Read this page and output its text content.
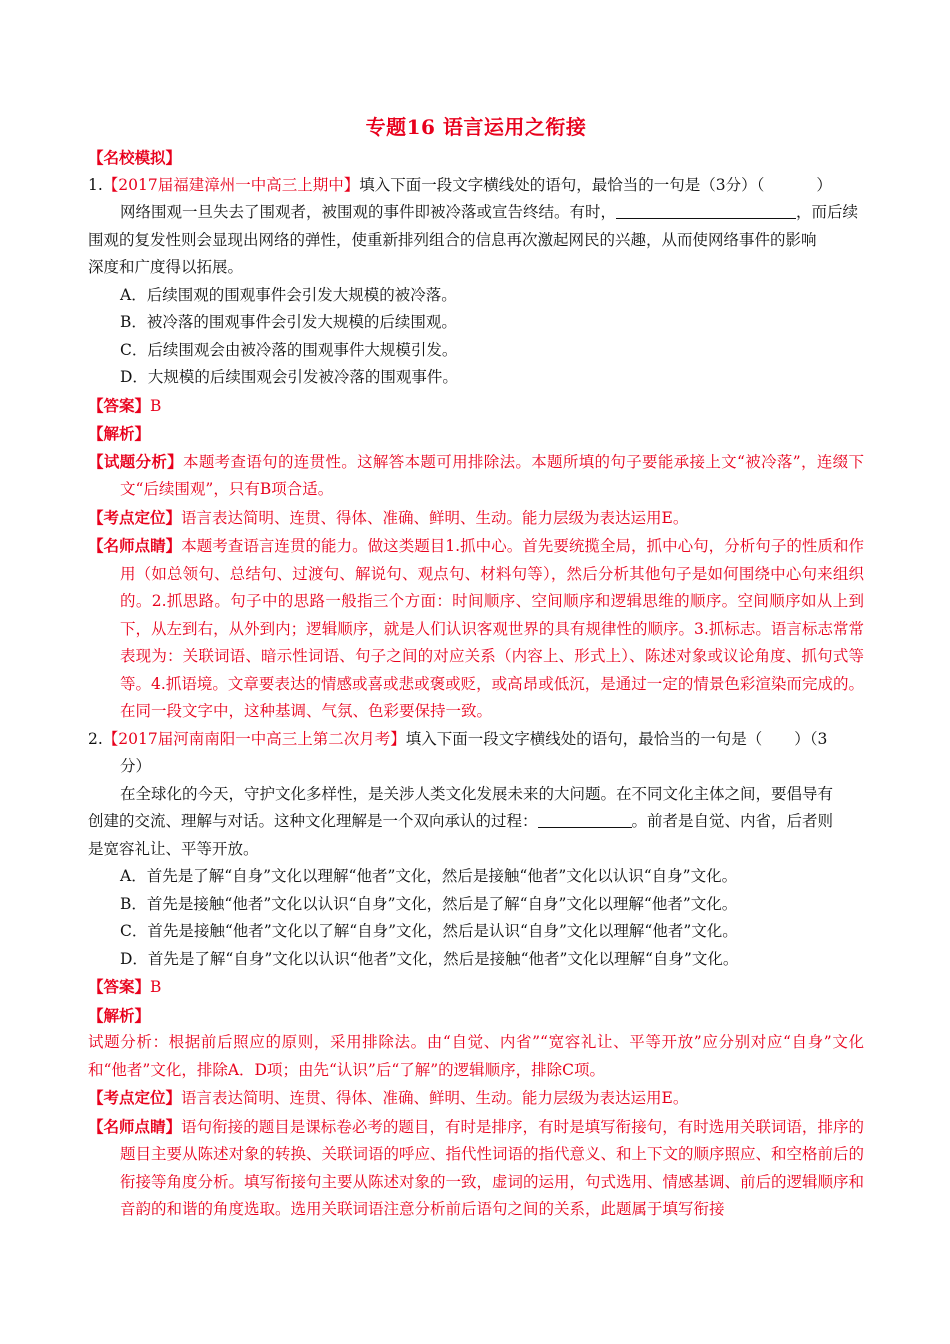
专题16 语言运用之衔接
【名校模拟】
1.【2017届福建漳州一中高三上期中】填入下面一段文字横线处的语句，最恰当的一句是（3分）（	）
网络围观一旦失去了围观者，被围观的事件即被冷落或宣告终结。有时，	，而后续
围观的复发性则会显现出网络的弹性，使重新排列组合的信息再次激起网民的兴趣，从而使网络事件的影响
深度和广度得以拓展。
A．后续围观的围观事件会引发大规模的被冷落。
B．被冷落的围观事件会引发大规模的后续围观。
C．后续围观会由被冷落的围观事件大规模引发。
D．大规模的后续围观会引发被冷落的围观事件。
【答案】B
【解析】
【试题分析】本题考查语句的连贯性。这解答本题可用排除法。本题所填的句子要能承接上文“被冷落”，连缀下文“后续围观”，只有B项合适。
【考点定位】语言表达简明、连贯、得体、准确、鲜明、生动。能力层级为表达运用E。
【名师点睛】本题考查语言连贯的能力。做这类题目1.抓中心。首先要统揽全局，抓中心句，分析句子的性质和作用（如总领句、总结句、过渡句、解说句、观点句、材料句等），然后分析其他句子是如何围绕中心句来组织的。2.抓思路。句子中的思路一般指三个方面：时间顺序、空间顺序和逻辑思维的顺序。空间顺序如从上到下，从左到右，从外到内；逻辑顺序，就是人们认识客观世界的具有规律性的顺序。3.抓标志。语言标志常常表现为：关联词语、暗示性词语、句子之间的对应关系（内容上、形式上）、陈述对象或议论角度、抓句式等等。4.抓语境。文章要表达的情感或喜或悲或褒或贬，或高昂或低沉，是通过一定的情景色彩渲染而完成的。在同一段文字中，这种基调、气氛、色彩要保持一致。
2.【2017届河南南阳一中高三上第二次月考】填入下面一段文字横线处的语句，最恰当的一句是（ ）（3
分）
在全球化的今天，守护文化多样性，是关涉人类文化发展未来的大问题。在不同文化主体之间，要倡导有
创建的交流、理解与对话。这种文化理解是一个双向承认的过程：	。前者是自觉、内省，后者则
是宽容礼让、平等开放。
A．首先是了解“自身”文化以理解“他者”文化，然后是接触“他者”文化以认识“自身”文化。
B．首先是接触“他者”文化以认识“自身”文化，然后是了解“自身”文化以理解“他者”文化。
C．首先是接触“他者”文化以了解“自身”文化，然后是认识“自身”文化以理解“他者”文化。
D．首先是了解“自身”文化以认识“他者”文化，然后是接触“他者”文化以理解“自身”文化。
【答案】B
【解析】
试题分析：根据前后照应的原则，采用排除法。由“自觉、内省”“宽容礼让、平等开放”应分别对应“自身”文化和“他者”文化，排除A．D项；由先“认识”后“了解”的逻辑顺序，排除C项。
【考点定位】语言表达简明、连贯、得体、准确、鲜明、生动。能力层级为表达运用E。
【名师点睛】语句衔接的题目是课标卷必考的题目，有时是排序，有时是填写衔接句，有时选用关联词语，排序的题目主要从陈述对象的转换、关联词语的呼应、指代性词语的指代意义、和上下文的顺序照应、和空格前后的衔接等角度分析。填写衔接句主要从陈述对象的一致，虚词的运用，句式选用、情感基调、前后的逻辑顺序和音韵的和谐的角度选取。选用关联词语注意分析前后语句之间的关系，此题属于填写衔接
